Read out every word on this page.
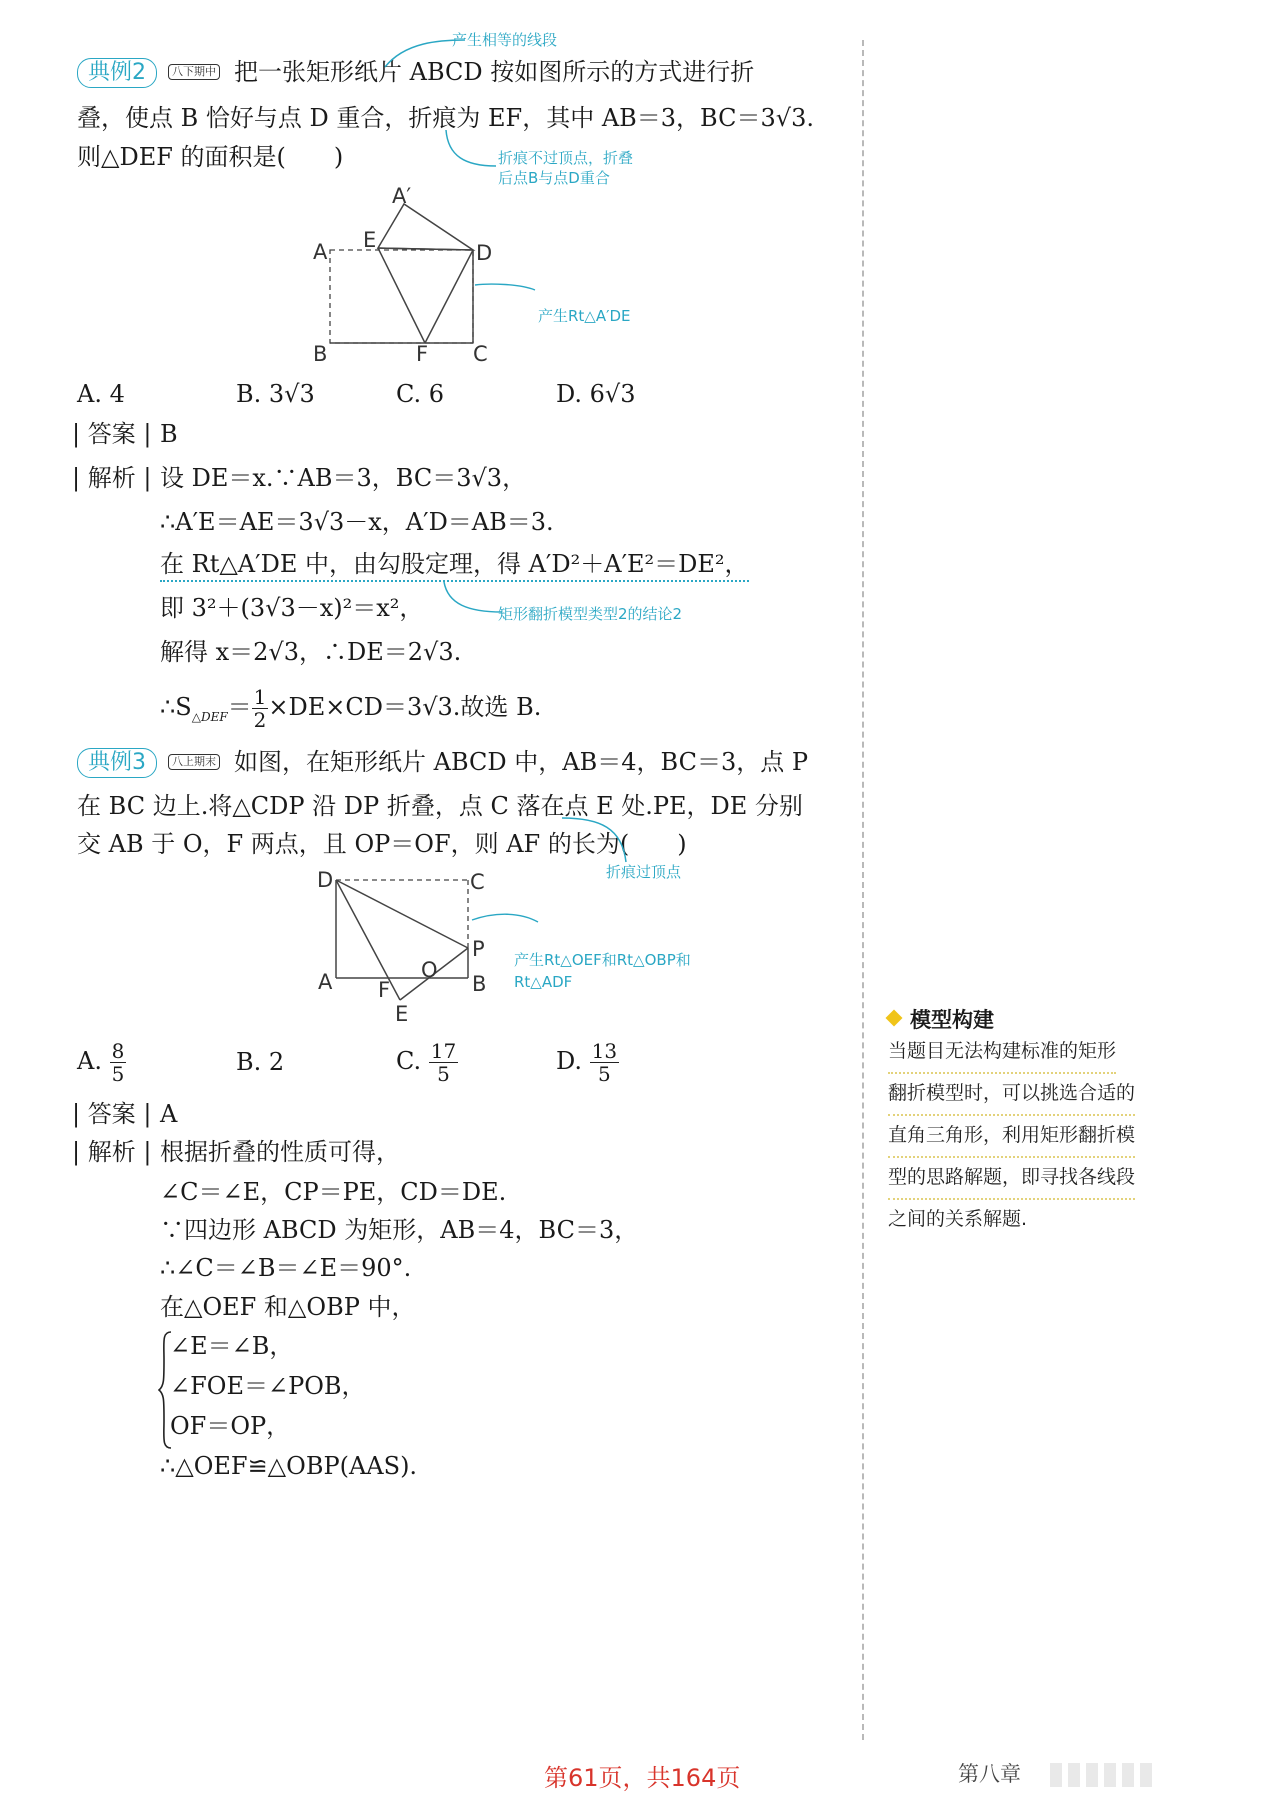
典例2	八下期中 把一张矩形纸片 ABCD 按如图所示的方式进行折
叠，使点 B 恰好与点 D 重合，折痕为 EF，其中 AB＝3，BC＝3√3.
则△DEF 的面积是(　　)
产生相等的线段
折痕不过顶点，折叠
后点B与点D重合
A′
A E
D
B	F C
产生Rt△A′DE
A. 4	B. 3√3	C. 6	D. 6√3
| 答案 | B
| 解析 | 设 DE＝x.∵AB＝3，BC＝3√3，
∴A′E＝AE＝3√3－x，A′D＝AB＝3.
在 Rt△A′DE 中，由勾股定理，得 A′D²＋A′E²＝DE²，
即 3²＋(3√3－x)²＝x²，	矩形翻折模型类型2的结论2
解得 x＝2√3，∴DE＝2√3.
$\therefore S_{\triangle DEF}= \frac{1}{2} \times DE\times CD=3√3$.故选 B.
典例3	八上期末 如图，在矩形纸片 ABCD 中，AB＝4，BC＝3，点 P
在 BC 边上.将△CDP 沿 DP 折叠，点 C 落在点 E 处.PE，DE 分别
交 AB 于 O，F 两点，且 OP＝OF，则 AF 的长为(　　)
折痕过顶点
D	C
P
O
A F	B
E
产生Rt△OEF和Rt△OBP和
Rt△ADF
A. $\frac{8}{5}$	B. 2	C. $\frac{17}{5}$	D. $\frac{13}{5}$
| 答案 | A
| 解析 | 根据折叠的性质可得，
∠C＝∠E，CP＝PE，CD＝DE.
∵四边形 ABCD 为矩形，AB＝4，BC＝3，
∴∠C＝∠B＝∠E＝90°.
在△OEF 和△OBP 中，
∠E＝∠B，
∠FOE＝∠POB，
OF＝OP，
∴△OEF≌△OBP(AAS).
模型构建
当题目无法构建标准的矩形
翻折模型时，可以挑选合适的
直角三角形，利用矩形翻折模
型的思路解题，即寻找各线段
之间的关系解题.
第61页，共164页	第八章
